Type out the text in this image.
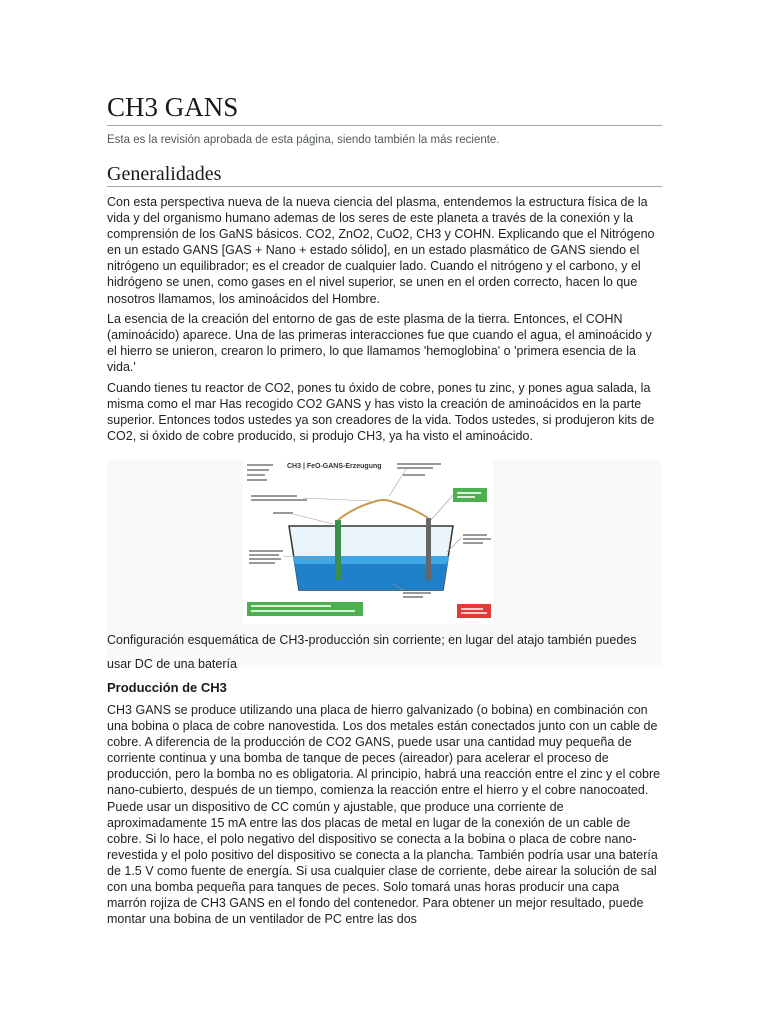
CH3 GANS
Esta es la revisión aprobada de esta página, siendo también la más reciente.
Generalidades

Con esta perspectiva nueva de la nueva ciencia del plasma, entendemos la estructura física de la vida y del organismo humano ademas de los seres de este planeta a través de la conexión y la comprensión de los GaNS básicos. CO2, ZnO2, CuO2, CH3 y COHN. Explicando que el Nitrógeno en un estado GANS [GAS + Nano + estado sólido], en un estado plasmático de GANS siendo el nitrógeno un equilibrador; es el creador de cualquier lado. Cuando el nitrógeno y el carbono, y el hidrógeno se unen, como gases en el nivel superior, se unen en el orden correcto, hacen lo que nosotros llamamos, los aminoácidos del Hombre.

La esencia de la creación del entorno de gas de este plasma de la tierra. Entonces, el COHN (aminoácido) aparece. Una de las primeras interacciones fue que cuando el agua, el aminoácido y el hierro se unieron, crearon lo primero, lo que llamamos 'hemoglobina' o 'primera esencia de la vida.'

Cuando tienes tu reactor de CO2, pones tu óxido de cobre, pones tu zinc, y pones agua salada, la misma como el mar Has recogido CO2 GANS y has visto la creación de aminoácidos en la parte superior. Entonces todos ustedes ya son creadores de la vida. Todos ustedes, si produjeron kits de CO2, si óxido de cobre producido, si produjo CH3, ya ha visto el aminoácido.

CH3 | FeO-GANS-Erzeugung
Configuración esquemática de CH3-producción sin corriente; en lugar del atajo también puedes usar DC de una batería
Producción de CH3

CH3 GANS se produce utilizando una placa de hierro galvanizado (o bobina) en combinación con una bobina o placa de cobre nanovestida. Los dos metales están conectados junto con un cable de cobre. A diferencia de la producción de CO2 GANS, puede usar una cantidad muy pequeña de corriente continua y una bomba de tanque de peces (aireador) para acelerar el proceso de producción, pero la bomba no es obligatoria. Al principio, habrá una reacción entre el zinc y el cobre nano-cubierto, después de un tiempo, comienza la reacción entre el hierro y el cobre nanocoated. Puede usar un dispositivo de CC común y ajustable, que produce una corriente de aproximadamente 15 mA entre las dos placas de metal en lugar de la conexión de un cable de cobre. Si lo hace, el polo negativo del dispositivo se conecta a la bobina o placa de cobre nano-revestida y el polo positivo del dispositivo se conecta a la plancha. También podría usar una batería de 1.5 V como fuente de energía. Si usa cualquier clase de corriente, debe airear la solución de sal con una bomba pequeña para tanques de peces. Solo tomará unas horas producir una capa marrón rojiza de CH3 GANS en el fondo del contenedor. Para obtener un mejor resultado, puede montar una bobina de un ventilador de PC entre las dos
